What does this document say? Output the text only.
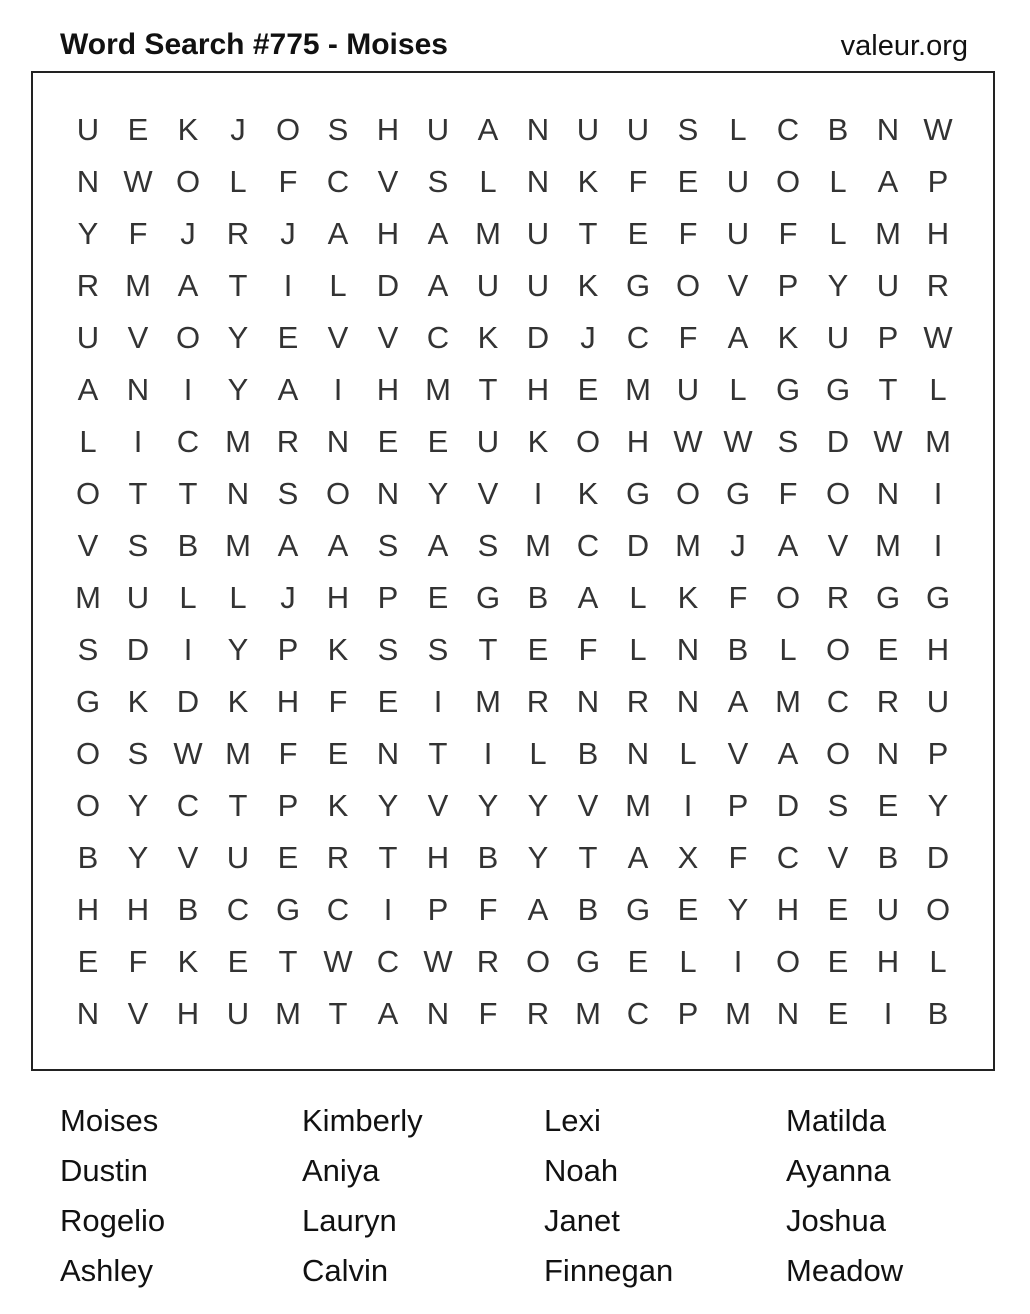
Word Search #775 - Moises	valeur.org
U E K	J O S H U A N U U S	L C B N W
N W O L	F C V S	L N K F E U O L	A P
Y F	J	R	J	A H A M U T E F U F	L M H
R M A T	I	L D A U U K G O V P Y U R
U V O Y E V V C K D	J	C F A K U P W
A N	I	Y A	I	H M T H E M U L G G T	L
L	I	C M R N E E U K O H W W S D W M
O T	T N S O N Y V	I	K G O G F O N	I
V S B M A A S A S M C D M J	A V M	I
M U L	L	J	H P E G B A	L	K F O R G G
S D	I	Y P K S S T E F	L N B	L O E H
G K D K H F E	I	M R N R N A M C R U
O S W M F E N T	I	L	B N L	V A O N P
O Y C T P K Y V Y Y V M	I	P D S E Y
B Y V U E R T H B Y T A X F C V B D
H H B C G C	I	P F A B G E Y H E U O
E F K E T W C W R O G E	L	I	O E H L
N V H U M T A N F R M C P M N E	I	B
Moises	Kimberly	Lexi	Matilda
Dustin	Aniya	Noah	Ayanna
Rogelio	Lauryn	Janet	Joshua
Ashley	Calvin	Finnegan	Meadow
